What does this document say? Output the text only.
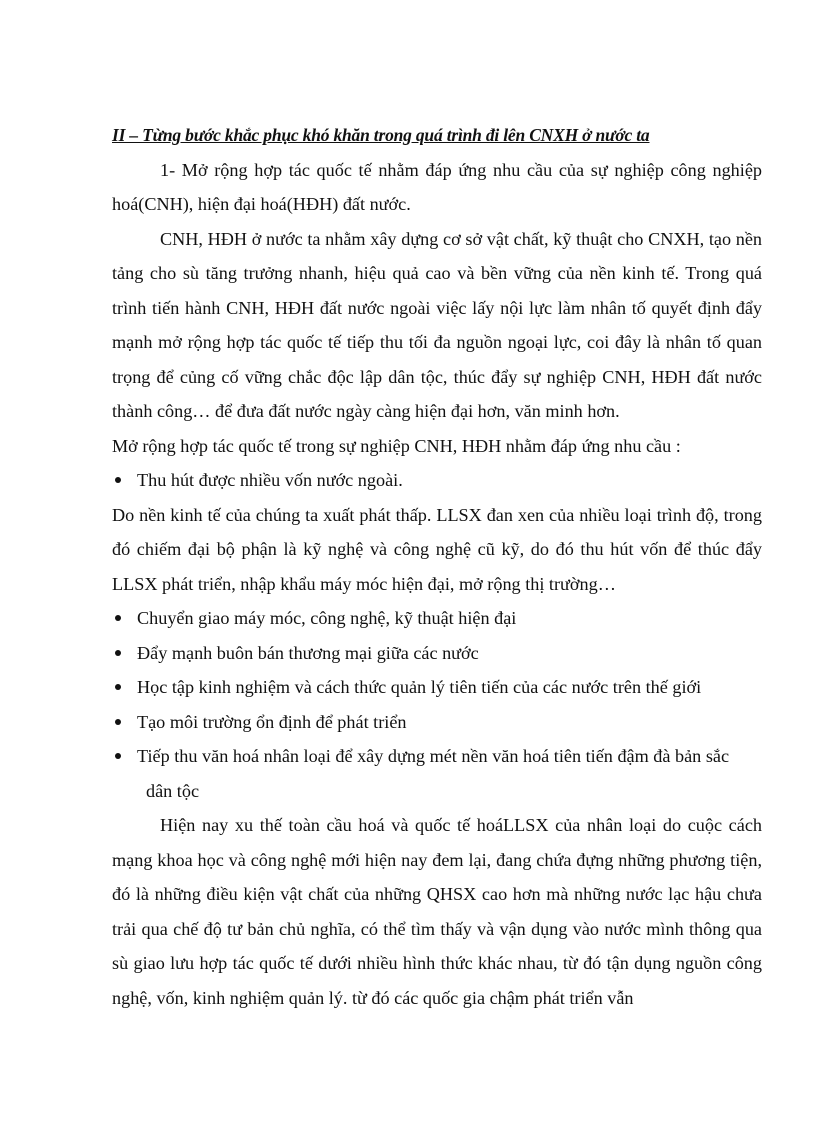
II – Từng bước khắc phục khó khăn trong quá trình đi lên CNXH ở nước ta

1- Mở rộng hợp tác quốc tế nhằm đáp ứng nhu cầu của sự nghiệp công nghiệp hoá(CNH), hiện đại hoá(HĐH) đất nước.

CNH, HĐH ở nước ta nhằm xây dựng cơ sở vật chất, kỹ thuật cho CNXH, tạo nền tảng cho sù tăng trưởng nhanh, hiệu quả cao và bền vững của nền kinh tế. Trong quá trình tiến hành CNH, HĐH đất nước ngoài việc lấy nội lực làm nhân tố quyết định đẩy mạnh mở rộng hợp tác quốc tế tiếp thu tối đa nguồn ngoại lực, coi đây là nhân tố quan trọng để củng cố vững chắc độc lập dân tộc, thúc đẩy sự nghiệp CNH, HĐH đất nước thành công… để đưa đất nước ngày càng hiện đại hơn, văn minh hơn.

Mở rộng hợp tác quốc tế trong sự nghiệp CNH, HĐH nhằm đáp ứng nhu cầu :

Thu hút được nhiều vốn nước ngoài.

Do nền kinh tế của chúng ta xuất phát thấp. LLSX đan xen của nhiều loại trình độ, trong đó chiếm đại bộ phận là kỹ nghệ và công nghệ cũ kỹ, do đó thu hút vốn để thúc đẩy LLSX phát triển, nhập khẩu máy móc hiện đại, mở rộng thị trường…

Chuyển giao máy móc, công nghệ, kỹ thuật hiện đại
Đẩy mạnh buôn bán thương mại giữa các nước
Học tập kinh nghiệm và cách thức quản lý tiên tiến của các nước trên thế giới
Tạo môi trường ổn định để phát triển
Tiếp thu văn hoá nhân loại để xây dựng mét nền văn hoá tiên tiến đậm đà bản sắc
dân tộc

Hiện nay xu thế toàn cầu hoá và quốc tế hoáLLSX của nhân loại do cuộc cách mạng khoa học và công nghệ mới hiện nay đem lại, đang chứa đựng những phương tiện, đó là những điều kiện vật chất của những QHSX cao hơn mà những nước lạc hậu chưa trải qua chế độ tư bản chủ nghĩa, có thể tìm thấy và vận dụng vào nước mình thông qua sù giao lưu hợp tác quốc tế dưới nhiều hình thức khác nhau, từ đó tận dụng nguồn công nghệ, vốn, kinh nghiệm quản lý. từ đó các quốc gia chậm phát triển vẫn
